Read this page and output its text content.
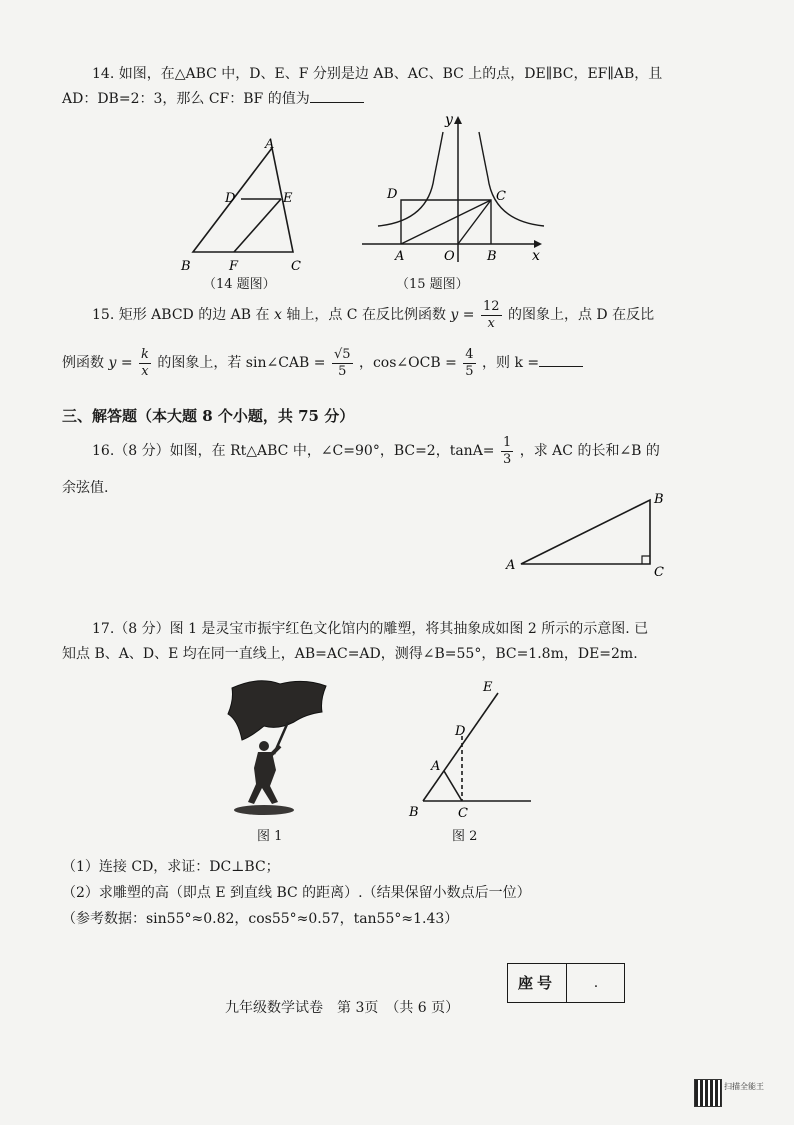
14. 如图，在△ABC 中，D、E、F 分别是边 AB、AC、BC 上的点，DE∥BC，EF∥AB，且
AD：DB=2：3，那么 CF：BF 的值为
A
D	E
B	F	C
（14 题图）
y
x
O
A	B
C
D
（15 题图）
15. 矩形 ABCD 的边 AB 在 x 轴上，点 C 在反比例函数 $y = \frac{12}{x}$ 的图象上，点 D 在反比
例函数 $y = \frac{k}{x}$ 的图象上，若 sin∠CAB = $\frac{√5}{5}$ ，cos∠OCB = $\frac{4}{5}$ ，则 k =
三、解答题（本大题 8 个小题，共 75 分）
16.（8 分）如图，在 Rt△ABC 中，∠C=90°，BC=2，$\tan A= \frac{1}{3}$ ，求 AC 的长和∠B 的
余弦值.
A
B
C
17.（8 分）图 1 是灵宝市振宇红色文化馆内的雕塑，将其抽象成如图 2 所示的示意图. 已
知点 B、A、D、E 均在同一直线上，AB=AC=AD，测得∠B=55°，BC=1.8m，DE=2m.
图 1
E
D
A
B	C
图 2
（1）连接 CD，求证：DC⊥BC；
（2）求雕塑的高（即点 E 到直线 BC 的距离）.（结果保留小数点后一位）
（参考数据：sin55°≈0.82，cos55°≈0.57，tan55°≈1.43）
座号	.
九年级数学试卷　第 3页　（共 6 页）
扫描全能王
